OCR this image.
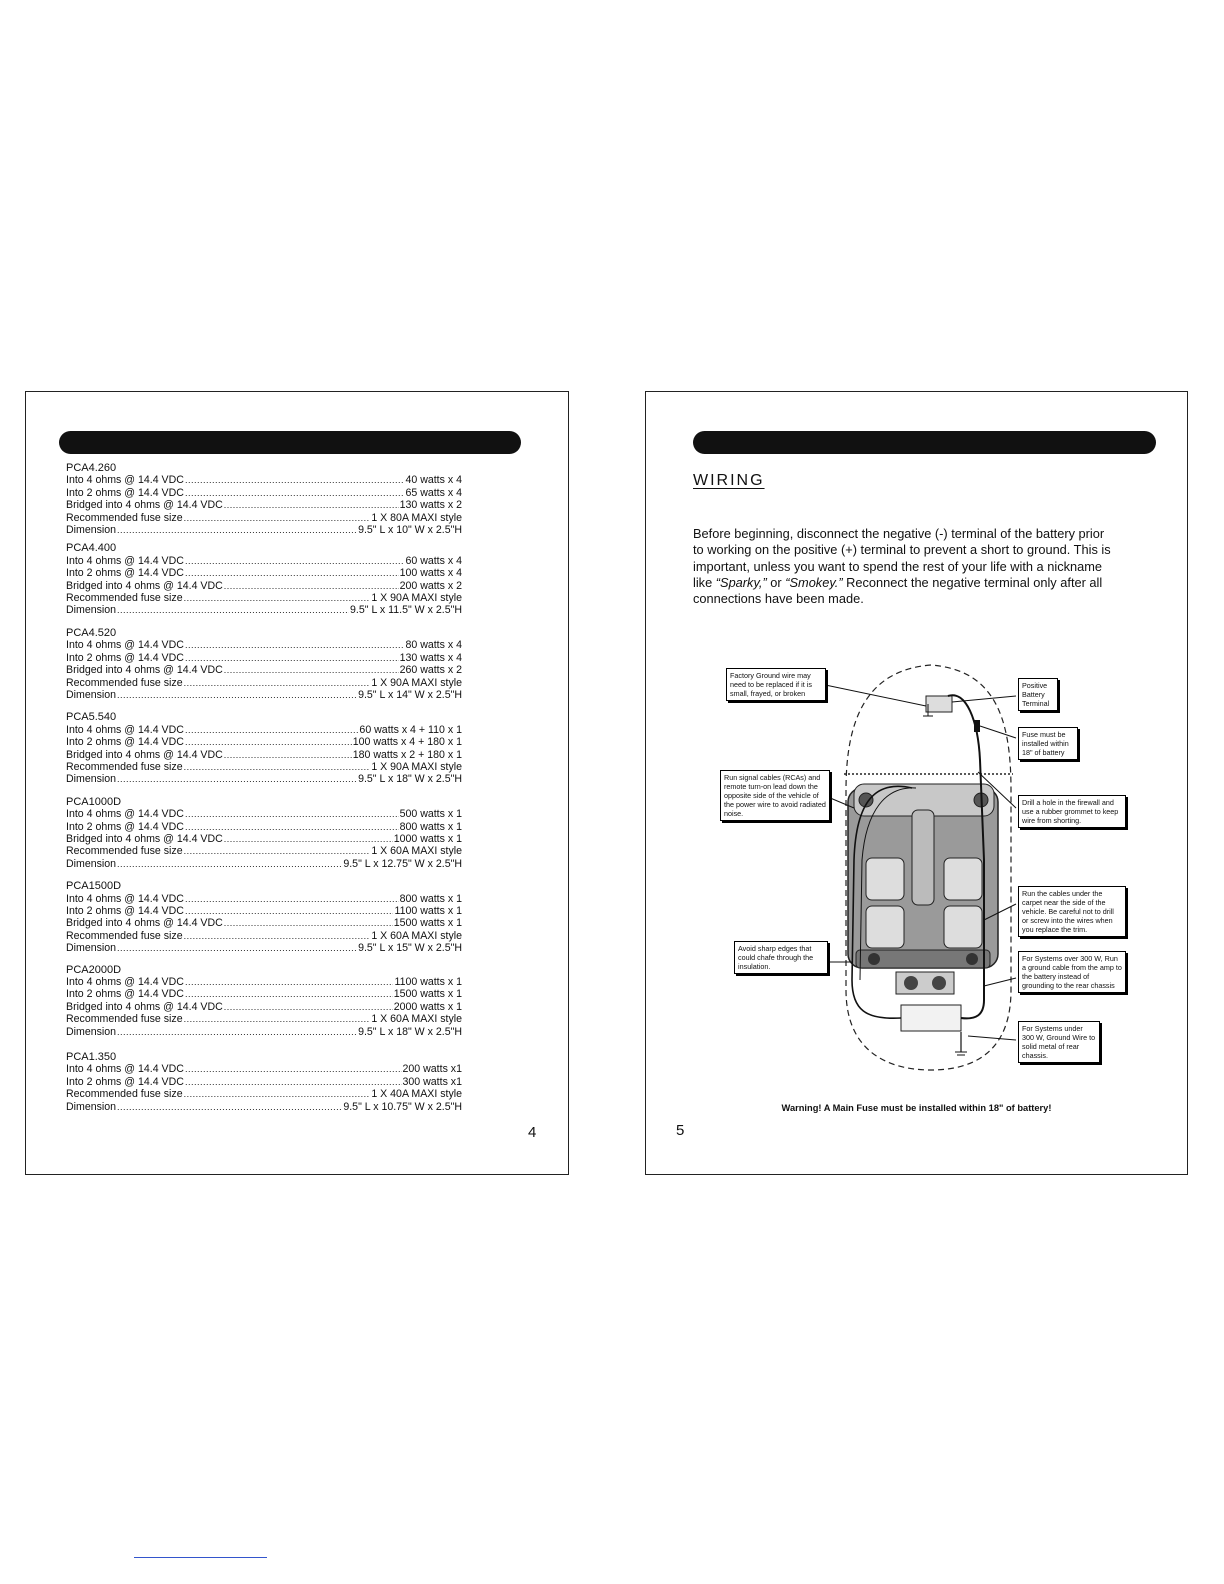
PCA4.260
Into 4 ohms @ 14.4 VDC .....	40 watts x 4
Into 2 ohms @ 14.4 VDC .....	65 watts x 4
Bridged into 4 ohms @ 14.4 VDC .....	130 watts x 2
Recommended fuse size .....	1 X 80A MAXI style
Dimension .....	9.5" L x 10" W x 2.5"H
PCA4.400
Into 4 ohms @ 14.4 VDC .....	60 watts x 4
Into 2 ohms @ 14.4 VDC .....	100 watts x 4
Bridged into 4 ohms @ 14.4 VDC .....	200 watts x 2
Recommended fuse size .....	1 X 90A MAXI style
Dimension .....	9.5" L x 11.5" W x 2.5"H
PCA4.520
Into 4 ohms @ 14.4 VDC .....	80 watts x 4
Into 2 ohms @ 14.4 VDC .....	130 watts x 4
Bridged into 4 ohms @ 14.4 VDC .....	260 watts x 2
Recommended fuse size .....	1 X 90A MAXI style
Dimension .....	9.5" L x 14" W x 2.5"H
PCA5.540
Into 4 ohms @ 14.4 VDC .....	60 watts x 4 + 110 x 1
Into 2 ohms @ 14.4 VDC .....	100 watts x 4 + 180 x 1
Bridged into 4 ohms @ 14.4 VDC .....	180 watts x 2 + 180 x 1
Recommended fuse size .....	1 X 90A MAXI style
Dimension .....	9.5" L x 18" W x 2.5"H
PCA1000D
Into 4 ohms @ 14.4 VDC .....	500 watts x 1
Into 2 ohms @ 14.4 VDC .....	800 watts x 1
Bridged into 4 ohms @ 14.4 VDC .....	1000 watts x 1
Recommended fuse size .....	1 X 60A MAXI style
Dimension .....	9.5" L x 12.75" W x 2.5"H
PCA1500D
Into 4 ohms @ 14.4 VDC .....	800 watts x 1
Into 2 ohms @ 14.4 VDC .....	1100 watts x 1
Bridged into 4 ohms @ 14.4 VDC .....	1500 watts x 1
Recommended fuse size .....	1 X 60A MAXI style
Dimension .....	9.5" L x 15" W x 2.5"H
PCA2000D
Into 4 ohms @ 14.4 VDC .....	1100 watts x 1
Into 2 ohms @ 14.4 VDC .....	1500 watts x 1
Bridged into 4 ohms @ 14.4 VDC .....	2000 watts x 1
Recommended fuse size .....	1 X 60A MAXI style
Dimension .....	9.5" L x 18" W x 2.5"H
PCA1.350
Into 4 ohms @ 14.4 VDC .....	200 watts x1
Into 2 ohms @ 14.4 VDC .....	300 watts x1
Recommended fuse size .....	1 X 40A MAXI style
Dimension .....	9.5" L x 10.75" W x 2.5"H
4
WIRING
Before beginning, disconnect the negative (-) terminal of the battery prior to working on the positive (+) terminal to prevent a short to ground. This is important, unless you want to spend the rest of your life with a nickname like “Sparky,” or “Smokey.” Reconnect the negative terminal only after all connections have been made.
Factory Ground wire may need to be replaced if it is small, frayed, or broken
Positive Battery Terminal
Fuse must be installed within 18" of battery
Run signal cables (RCAs) and remote turn-on lead down the opposite side of the vehicle of the power wire to avoid radiated noise.
Drill a hole in the firewall and use a rubber grommet to keep wire from shorting.
Run the cables under the carpet near the side of the vehicle. Be careful not to drill or screw into the wires when you replace the trim.
Avoid sharp edges that could chafe through the insulation.
For Systems over 300 W, Run a ground cable from the amp to the battery instead of grounding to the rear chassis
For Systems under 300 W, Ground Wire to solid metal of rear chassis.
Warning! A Main Fuse must be installed within 18" of battery!
5
